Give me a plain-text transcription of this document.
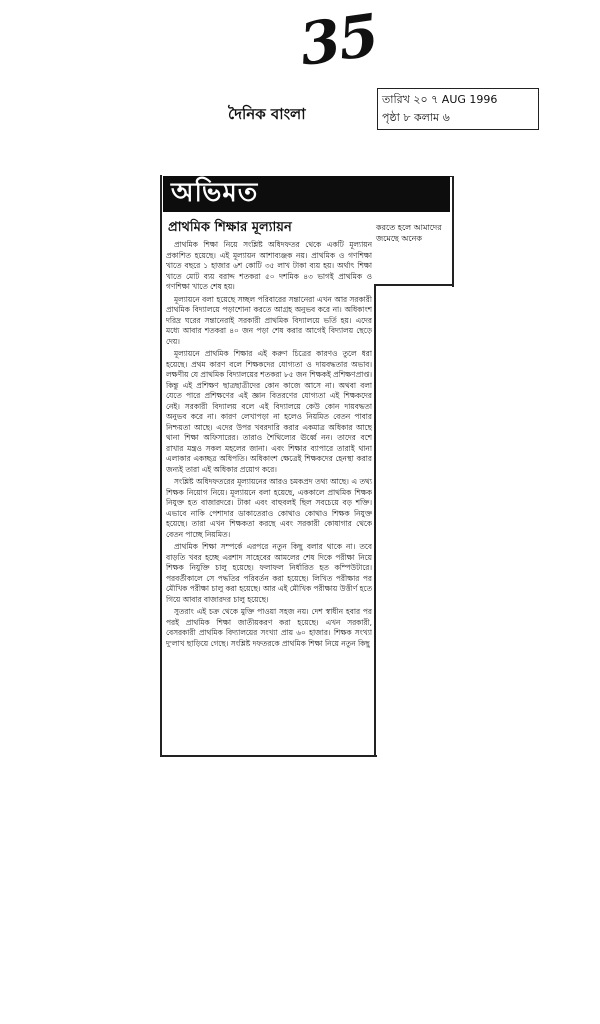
35
দৈনিক বাংলা
তারিখ ২০ ৭ AUG 1996
পৃষ্ঠা ৮ কলাম ৬
অভিমত
প্রাথমিক শিক্ষার মূল্যায়ন	করতে হলে আমাদের জমেছে অনেক

প্রাথমিক শিক্ষা নিয়ে সংশ্লিষ্ট অধিদফতর থেকে একটি মূল্যায়ন প্রকাশিত হয়েছে। এই মূল্যায়ন আশাব্যঞ্জক নয়। প্রাথমিক ও গণশিক্ষা খাতে বছরে ১ হাজার ৬শ কোটি ৩৫ লাখ টাকা ব্যয় হয়। অর্থাৎ শিক্ষা খাতে মোট ব্যয় বরাদ্দ শতকরা ৫০ দশমিক ৪৩ ভাগই প্রাথমিক ও গণশিক্ষা খাতে শেষ হয়।

মূল্যায়নে বলা হয়েছে সচ্ছল পরিবারের সন্তানেরা এখন আর সরকারী প্রাথমিক বিদ্যালয়ে পড়াশোনা করতে আগ্রহ অনুভব করে না। অধিকাংশ দরিদ্র ঘরের সন্তানেরাই সরকারী প্রাথমিক বিদ্যালয়ে ভর্তি হয়। এদের মধ্যে আবার শতকরা ৪০ জন পড়া শেষ করার আগেই বিদ্যালয় ছেড়ে দেয়।

মূল্যায়নে প্রাথমিক শিক্ষার এই করুণ চিত্রের কারণও তুলে ধরা হয়েছে। প্রথম কারণ বলে শিক্ষকদের যোগ্যতা ও দায়বদ্ধতার অভাব। লক্ষণীয় যে প্রাথমিক বিদ্যালয়ের শতকরা ৮৫ জন শিক্ষকই প্রশিক্ষণপ্রাপ্ত। কিন্তু এই প্রশিক্ষণ ছাত্রছাত্রীদের কোন কাজে আসে না। অথবা বলা যেতে পারে প্রশিক্ষণের এই জ্ঞান বিতরণের যোগ্যতা এই শিক্ষকদের নেই। সরকারী বিদ্যালয় বলে এই বিদ্যালয়ে কেউ কোন দায়বদ্ধতা অনুভব করে না। কারণ লেখাপড়া না হলেও নিয়মিত বেতন পাবার নিশ্চয়তা আছে। এদের উপর খবরদারি করার একমাত্র অধিকার আছে থানা শিক্ষা অফিসারের। তারাও শৈথিল্যের ঊর্ধ্বে নন। তাদের বশে রাখার মন্ত্রও সকল মহলের জানা। এবং শিক্ষার ব্যাপারে তারাই থানা এলাকার একচ্ছত্র অধিপতি। অধিকাংশ ক্ষেত্রেই শিক্ষকদের হেনস্থা করার জন্যই তারা এই অধিকার প্রয়োগ করে।

সংশ্লিষ্ট অধিদফতরের মূল্যায়নের আরও চমকপ্রদ তথ্য আছে। এ তথ্য শিক্ষক নিয়োগ নিয়ে। মূল্যায়নে বলা হয়েছে, এককালে প্রাথমিক শিক্ষক নিযুক্ত হত বাজারদরে। টাকা এবং বাহুবলই ছিল সবচেয়ে বড় শক্তি। এভাবে নাকি পেশাদার ডাকাতেরাও কোথাও কোথাও শিক্ষক নিযুক্ত হয়েছে। তারা এখন শিক্ষকতা করছে এবং সরকারী কোষাগার থেকে বেতন পাচ্ছে নিয়মিত।

প্রাথমিক শিক্ষা সম্পর্কে এরপরে নতুন কিছু বলার থাকে না। তবে বাড়তি খবর হচ্ছে এরশাদ সাহেবের আমলের শেষ দিকে পরীক্ষা নিয়ে শিক্ষক নিযুক্তি চালু হয়েছে। ফলাফল নির্ধারিত হত কম্পিউটারে। পরবর্তীকালে সে পদ্ধতির পরিবর্তন করা হয়েছে। লিখিত পরীক্ষার পর মৌখিক পরীক্ষা চালু করা হয়েছে। আর এই মৌখিক পরীক্ষায় উত্তীর্ণ হতে গিয়ে আবার বাজারদর চালু হয়েছে।

সুতরাং এই চক্র থেকে মুক্তি পাওয়া সহজ নয়। দেশ স্বাধীন হবার পর পরই প্রাথমিক শিক্ষা জাতীয়করণ করা হয়েছে। এখন সরকারী, বেসরকারী প্রাথমিক বিদ্যালয়ের সংখ্যা প্রায় ৬০ হাজার। শিক্ষক সংখ্যা দু'লাখ ছাড়িয়ে গেছে। সংশ্লিষ্ট দফতরকে প্রাথমিক শিক্ষা নিয়ে নতুন কিছু
